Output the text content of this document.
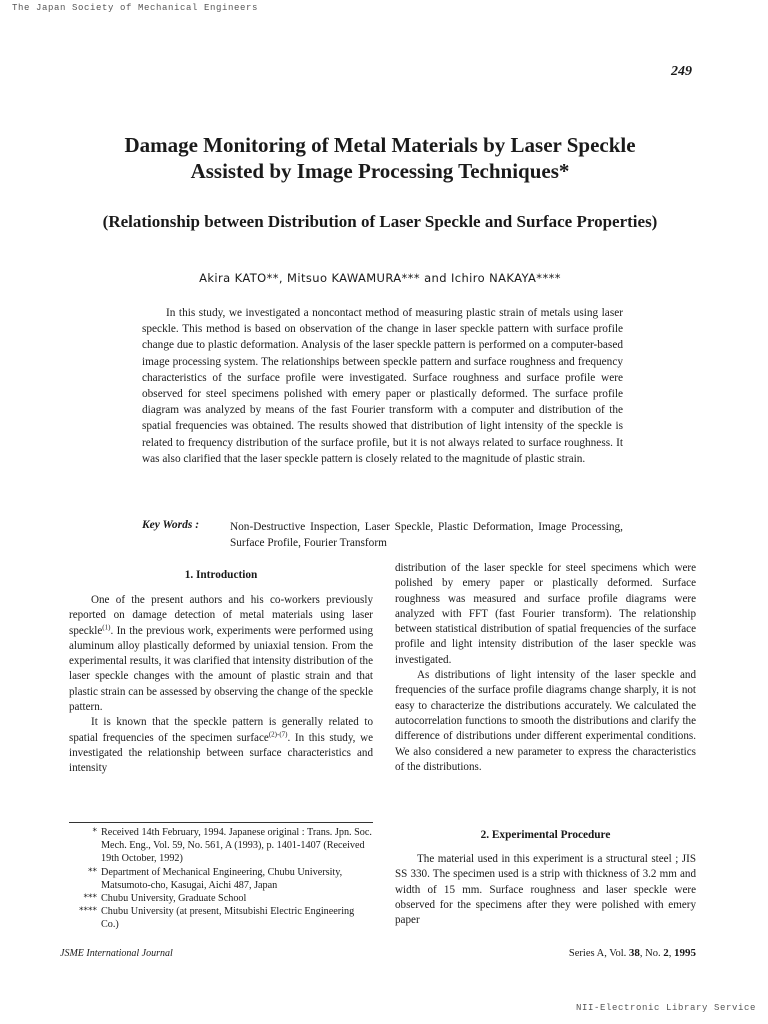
The Japan Society of Mechanical Engineers
249
Damage Monitoring of Metal Materials by Laser Speckle Assisted by Image Processing Techniques*
(Relationship between Distribution of Laser Speckle and Surface Properties)
Akira KATO**, Mitsuo KAWAMURA*** and Ichiro NAKAYA****
In this study, we investigated a noncontact method of measuring plastic strain of metals using laser speckle. This method is based on observation of the change in laser speckle pattern with surface profile change due to plastic deformation. Analysis of the laser speckle pattern is performed on a computer-based image processing system. The relationships between speckle pattern and surface roughness and frequency characteristics of the surface profile were investigated. Surface roughness and surface profile were observed for steel specimens polished with emery paper or plastically deformed. The surface profile diagram was analyzed by means of the fast Fourier transform with a computer and distribution of the spatial frequencies was obtained. The results showed that distribution of light intensity of the speckle is related to frequency distribution of the surface profile, but it is not always related to surface roughness. It was also clarified that the laser speckle pattern is closely related to the magnitude of plastic strain.
Key Words :	Non-Destructive Inspection, Laser Speckle, Plastic Deformation, Image Processing, Surface Profile, Fourier Transform
1. Introduction

One of the present authors and his co-workers previously reported on damage detection of metal materials using laser speckle$^{(1)}$. In the previous work, experiments were performed using aluminum alloy plastically deformed by uniaxial tension. From the experimental results, it was clarified that intensity distribution of the laser speckle changes with the amount of plastic strain and that plastic strain can be assessed by observing the change of the speckle pattern.

It is known that the speckle pattern is generally related to spatial frequencies of the specimen surface$^{(2)-(7)}$. In this study, we investigated the relationship between surface characteristics and intensity

distribution of the laser speckle for steel specimens which were polished by emery paper or plastically deformed. Surface roughness was measured and surface profile diagrams were analyzed with FFT (fast Fourier transform). The relationship between statistical distribution of spatial frequencies of the surface profile and light intensity distribution of the laser speckle was investigated.

As distributions of light intensity of the laser speckle and frequencies of the surface profile diagrams change sharply, it is not easy to characterize the distributions accurately. We calculated the autocorrelation functions to smooth the distributions and clarify the difference of distributions under different experimental conditions. We also considered a new parameter to express the characteristics of the distributions.

2. Experimental Procedure

The material used in this experiment is a structural steel ; JIS SS 330. The specimen used is a strip with thickness of 3.2 mm and width of 15 mm. Surface roughness and laser speckle were observed for the specimens after they were polished with emery paper

* Received 14th February, 1994. Japanese original : Trans. Jpn. Soc. Mech. Eng., Vol. 59, No. 561, A (1993), p. 1401-1407 (Received 19th October, 1992)
** Department of Mechanical Engineering, Chubu University, Matsumoto-cho, Kasugai, Aichi 487, Japan
*** Chubu University, Graduate School
**** Chubu University (at present, Mitsubishi Electric Engineering Co.)
JSME International Journal	Series A, Vol. 38, No. 2, 1995
NII-Electronic Library Service
